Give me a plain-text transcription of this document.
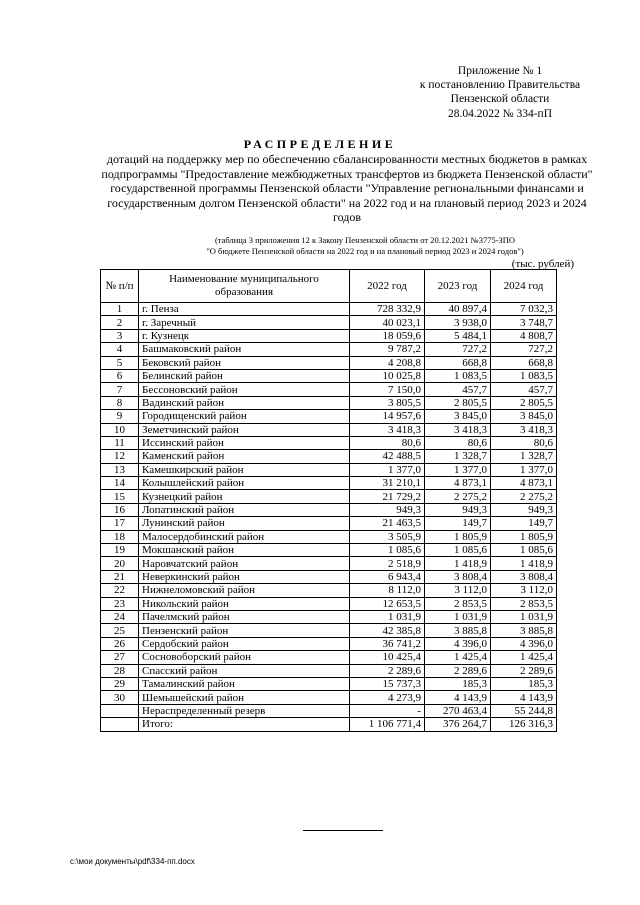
Приложение № 1
к постановлению Правительства
Пензенской области
28.04.2022 № 334-пП
РАСПРЕДЕЛЕНИЕ
дотаций на поддержку мер по обеспечению сбалансированности местных бюджетов в рамках подпрограммы "Предоставление межбюджетных трансфертов из бюджета Пензенской области" государственной программы Пензенской области "Управление региональными финансами и государственным долгом Пензенской области" на 2022 год и на плановый период 2023 и 2024 годов
(таблица 3 приложения 12 к Закону Пензенской области от 20.12.2021 №3775-ЗПО
"О бюджете Пензенской области на 2022 год и на плановый период 2023 и 2024 годов")
(тыс. рублей)
№ п/п	Наименование муниципального образования	2022 год	2023 год	2024 год
1	г. Пенза	728 332,9	40 897,4	7 032,3
2	г. Заречный	40 023,1	3 938,0	3 748,7
3	г. Кузнецк	18 059,6	5 484,1	4 808,7
4	Башмаковский район	9 787,2	727,2	727,2
5	Бековский район	4 208,8	668,8	668,8
6	Белинский район	10 025,8	1 083,5	1 083,5
7	Бессоновский район	7 150,0	457,7	457,7
8	Вадинский район	3 805,5	2 805,5	2 805,5
9	Городищенский район	14 957,6	3 845,0	3 845,0
10	Земетчинский район	3 418,3	3 418,3	3 418,3
11	Иссинский район	80,6	80,6	80,6
12	Каменский район	42 488,5	1 328,7	1 328,7
13	Камешкирский район	1 377,0	1 377,0	1 377,0
14	Колышлейский район	31 210,1	4 873,1	4 873,1
15	Кузнецкий район	21 729,2	2 275,2	2 275,2
16	Лопатинский район	949,3	949,3	949,3
17	Лунинский район	21 463,5	149,7	149,7
18	Малосердобинский район	3 505,9	1 805,9	1 805,9
19	Мокшанский район	1 085,6	1 085,6	1 085,6
20	Наровчатский район	2 518,9	1 418,9	1 418,9
21	Неверкинский район	6 943,4	3 808,4	3 808,4
22	Нижнеломовский район	8 112,0	3 112,0	3 112,0
23	Никольский район	12 653,5	2 853,5	2 853,5
24	Пачелмский район	1 031,9	1 031,9	1 031,9
25	Пензенский район	42 385,8	3 885,8	3 885,8
26	Сердобский район	36 741,2	4 396,0	4 396,0
27	Сосновоборский район	10 425,4	1 425,4	1 425,4
28	Спасский район	2 289,6	2 289,6	2 289,6
29	Тамалинский район	15 737,3	185,3	185,3
30	Шемышейский район	4 273,9	4 143,9	4 143,9
	Нераспределенный резерв	-	270 463,4	55 244,8
	Итого:	1 106 771,4	376 264,7	126 316,3
c:\мои документы\pdf\334-пп.docx
